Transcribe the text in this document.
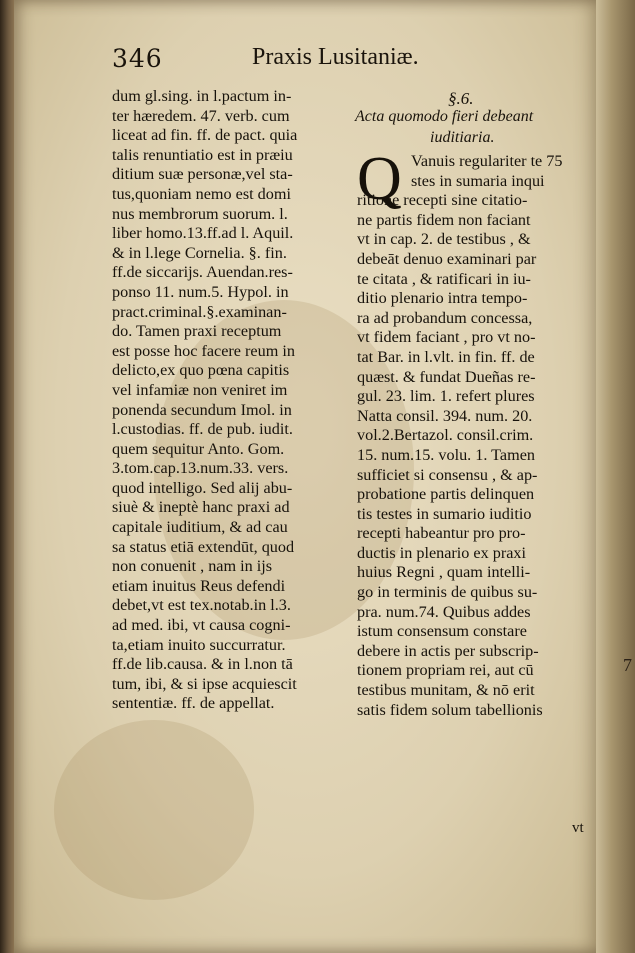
346	Praxis Lusitaniæ.
dum gl.sing. in l.pactum in-
ter hæredem. 47. verb. cum
liceat ad fin. ff. de pact. quia
talis renuntiatio est in præiu
ditium suæ personæ,vel sta-
tus,quoniam nemo est domi
nus membrorum suorum. l.
liber homo.13.ff.ad l. Aquil.
& in l.lege Cornelia. §. fin.
ff.de siccarijs. Auendan.res-
ponso 11. num.5. Hypol. in
pract.criminal.§.examinan-
do. Tamen praxi receptum
est posse hoc facere reum in
delicto,ex quo pœna capitis
vel infamiæ non veniret im
ponenda secundum Imol. in
l.custodias. ff. de pub. iudit.
quem sequitur Anto. Gom.
3.tom.cap.13.num.33. vers.
quod intelligo. Sed alij abu-
siuè & ineptè hanc praxi ad
capitale iuditium, & ad cau
sa status etiā extendūt, quod
non conuenit , nam in ijs
etiam inuitus Reus defendi
debet,vt est tex.notab.in l.3.
ad med. ibi, vt causa cogni-
ta,etiam inuito succurratur.
ff.de lib.causa. & in l.non tā
tum, ibi, & si ipse acquiescit
sententiæ. ff. de appellat.
§.6.
Acta quomodo fieri debeant
iuditiaria.
Q Vanuis regulariter te 75
stes in sumaria inqui
ritione recepti sine citatio-
ne partis fidem non faciant
vt in cap. 2. de testibus , &
debeāt denuo examinari par
te citata , & ratificari in iu-
ditio plenario intra tempo-
ra ad probandum concessa,
vt fidem faciant , pro vt no-
tat Bar. in l.vlt. in fin. ff. de
quæst. & fundat Dueñas re-
gul. 23. lim. 1. refert plures
Natta consil. 394. num. 20.
vol.2.Bertazol. consil.crim.
15. num.15. volu. 1. Tamen
sufficiet si consensu , & ap-
probatione partis delinquen
tis testes in sumario iuditio
recepti habeantur pro pro-
ductis in plenario ex praxi
huius Regni , quam intelli-
go in terminis de quibus su-
pra. num.74. Quibus addes
istum consensum constare
debere in actis per subscrip-
tionem propriam rei, aut cū
testibus munitam, & nō erit
satis fidem solum tabellionis
vt
7
